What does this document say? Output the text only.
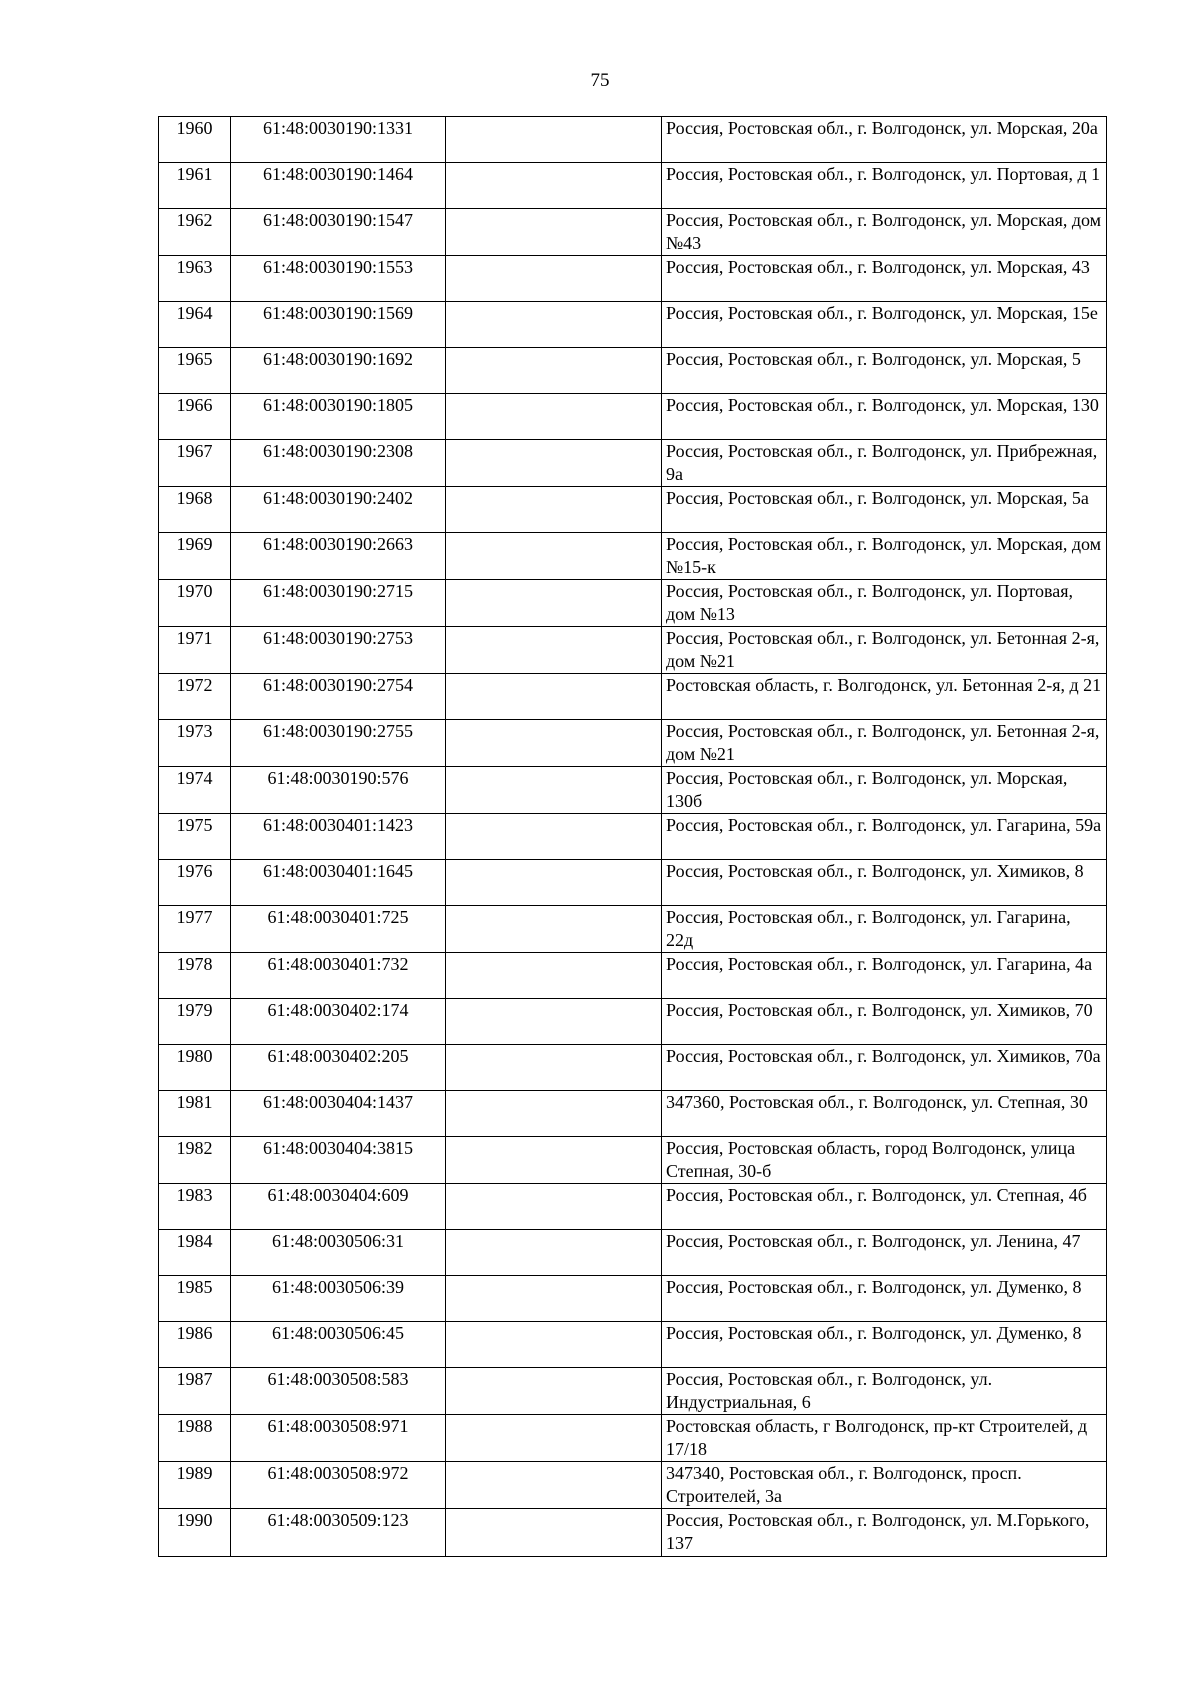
75
1960	61:48:0030190:1331		Россия, Ростовская обл., г. Волгодонск, ул. Морская, 20а
1961	61:48:0030190:1464		Россия, Ростовская обл., г. Волгодонск, ул. Портовая, д 1
1962	61:48:0030190:1547		Россия, Ростовская обл., г. Волгодонск, ул. Морская, дом №43
1963	61:48:0030190:1553		Россия, Ростовская обл., г. Волгодонск, ул. Морская, 43
1964	61:48:0030190:1569		Россия, Ростовская обл., г. Волгодонск, ул. Морская, 15е
1965	61:48:0030190:1692		Россия, Ростовская обл., г. Волгодонск, ул. Морская, 5
1966	61:48:0030190:1805		Россия, Ростовская обл., г. Волгодонск, ул. Морская, 130
1967	61:48:0030190:2308		Россия, Ростовская обл., г. Волгодонск, ул. Прибрежная, 9а
1968	61:48:0030190:2402		Россия, Ростовская обл., г. Волгодонск, ул. Морская, 5а
1969	61:48:0030190:2663		Россия, Ростовская обл., г. Волгодонск, ул. Морская, дом №15-к
1970	61:48:0030190:2715		Россия, Ростовская обл., г. Волгодонск, ул. Портовая, дом №13
1971	61:48:0030190:2753		Россия, Ростовская обл., г. Волгодонск, ул. Бетонная 2-я, дом №21
1972	61:48:0030190:2754		Ростовская область, г. Волгодонск, ул. Бетонная 2-я, д 21
1973	61:48:0030190:2755		Россия, Ростовская обл., г. Волгодонск, ул. Бетонная 2-я, дом №21
1974	61:48:0030190:576		Россия, Ростовская обл., г. Волгодонск, ул. Морская, 130б
1975	61:48:0030401:1423		Россия, Ростовская обл., г. Волгодонск, ул. Гагарина, 59а
1976	61:48:0030401:1645		Россия, Ростовская обл., г. Волгодонск, ул. Химиков, 8
1977	61:48:0030401:725		Россия, Ростовская обл., г. Волгодонск, ул. Гагарина, 22д
1978	61:48:0030401:732		Россия, Ростовская обл., г. Волгодонск, ул. Гагарина, 4а
1979	61:48:0030402:174		Россия, Ростовская обл., г. Волгодонск, ул. Химиков, 70
1980	61:48:0030402:205		Россия, Ростовская обл., г. Волгодонск, ул. Химиков, 70а
1981	61:48:0030404:1437		347360, Ростовская обл., г. Волгодонск, ул. Степная, 30
1982	61:48:0030404:3815		Россия, Ростовская область, город Волгодонск, улица Степная, 30-б
1983	61:48:0030404:609		Россия, Ростовская обл., г. Волгодонск, ул. Степная, 4б
1984	61:48:0030506:31		Россия, Ростовская обл., г. Волгодонск, ул. Ленина, 47
1985	61:48:0030506:39		Россия, Ростовская обл., г. Волгодонск, ул. Думенко, 8
1986	61:48:0030506:45		Россия, Ростовская обл., г. Волгодонск, ул. Думенко, 8
1987	61:48:0030508:583		Россия, Ростовская обл., г. Волгодонск, ул. Индустриальная, 6
1988	61:48:0030508:971		Ростовская область, г Волгодонск, пр-кт Строителей, д 17/18
1989	61:48:0030508:972		347340, Ростовская обл., г. Волгодонск, просп. Строителей, 3а
1990	61:48:0030509:123		Россия, Ростовская обл., г. Волгодонск, ул. М.Горького, 137
